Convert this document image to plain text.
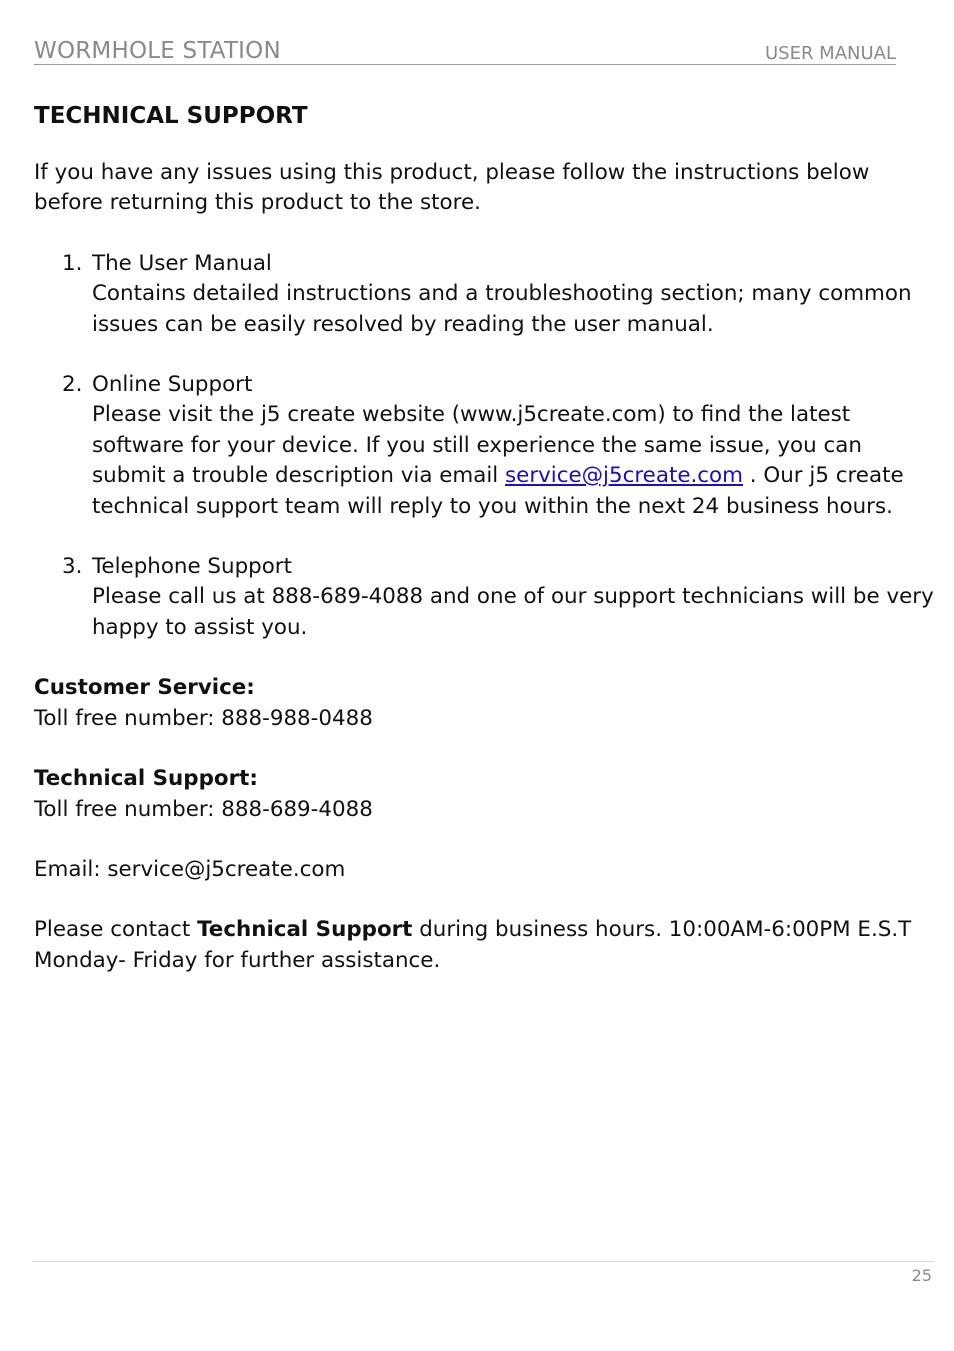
WORMHOLE STATION	USER MANUAL
TECHNICAL SUPPORT

If you have any issues using this product, please follow the instructions below before returning this product to the store.

1. The User Manual
Contains detailed instructions and a troubleshooting section; many common issues can be easily resolved by reading the user manual.
2. Online Support
Please visit the j5 create website (www.j5create.com) to find the latest software for your device. If you still experience the same issue, you can submit a trouble description via email service@j5create.com . Our j5 create technical support team will reply to you within the next 24 business hours.
3. Telephone Support
Please call us at 888-689-4088 and one of our support technicians will be very happy to assist you.
Customer Service:
Toll free number: 888-988-0488
Technical Support:
Toll free number: 888-689-4088
Email: service@j5create.com

Please contact Technical Support during business hours. 10:00AM-6:00PM E.S.T Monday- Friday for further assistance.

25
